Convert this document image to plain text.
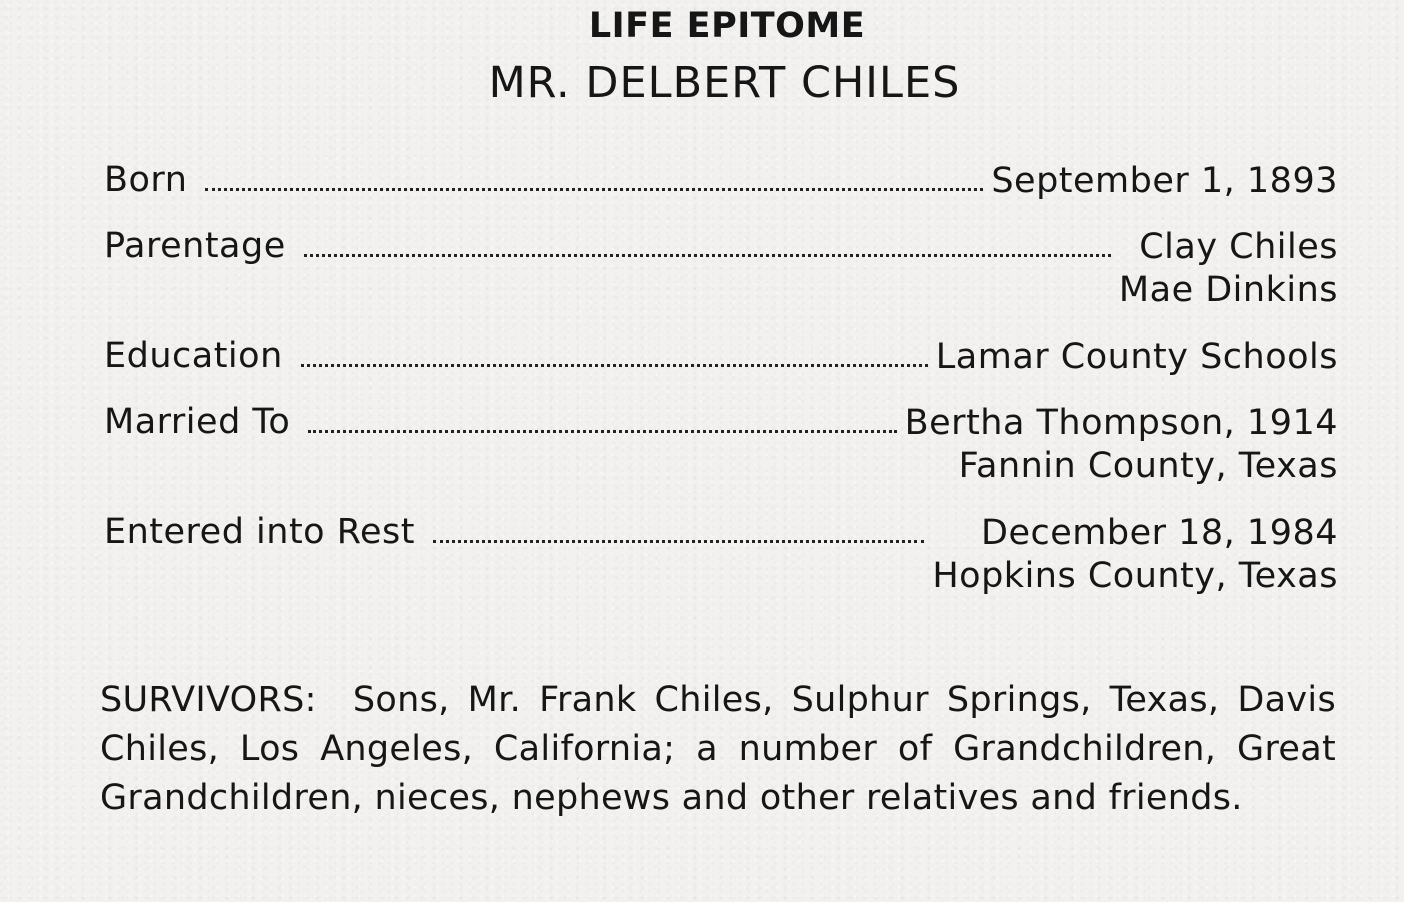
LIFE EPITOME
MR. DELBERT CHILES
Born	September 1, 1893
Parentage	Clay Chiles
Mae Dinkins
Education	Lamar County Schools
Married To	Bertha Thompson, 1914
Fannin County, Texas
Entered into Rest	December 18, 1984
Hopkins County, Texas

SURVIVORS: Sons, Mr. Frank Chiles, Sulphur Springs, Texas, Davis Chiles, Los Angeles, California; a number of Grandchildren, Great Grandchildren, nieces, nephews and other relatives and friends.
